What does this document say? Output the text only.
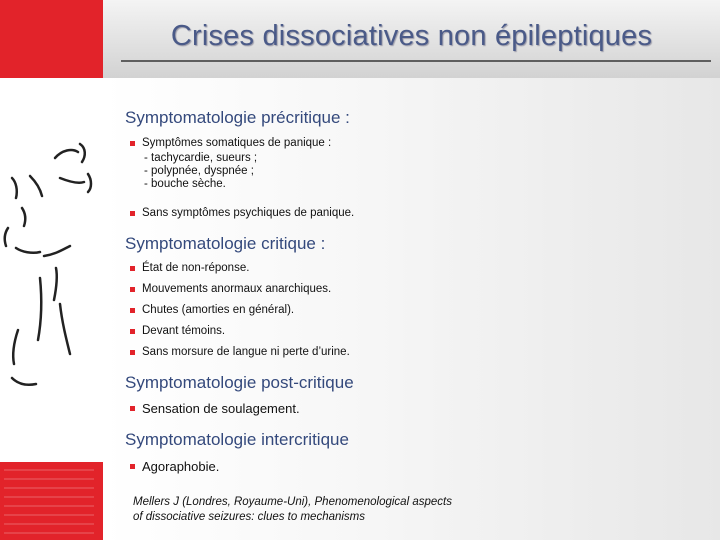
Crises dissociatives non épileptiques
Symptomatologie précritique :
Symptômes somatiques de panique :
- tachycardie, sueurs ;
- polypnée, dyspnée ;
- bouche sèche.
Sans symptômes psychiques de panique.
Symptomatologie critique :
État de non-réponse.
Mouvements anormaux anarchiques.
Chutes (amorties en général).
Devant témoins.
Sans morsure de langue ni perte d’urine.
Symptomatologie post-critique
Sensation de soulagement.
Symptomatologie intercritique
Agoraphobie.
Mellers J (Londres, Royaume-Uni), Phenomenological aspects
of dissociative seizures: clues to mechanisms
